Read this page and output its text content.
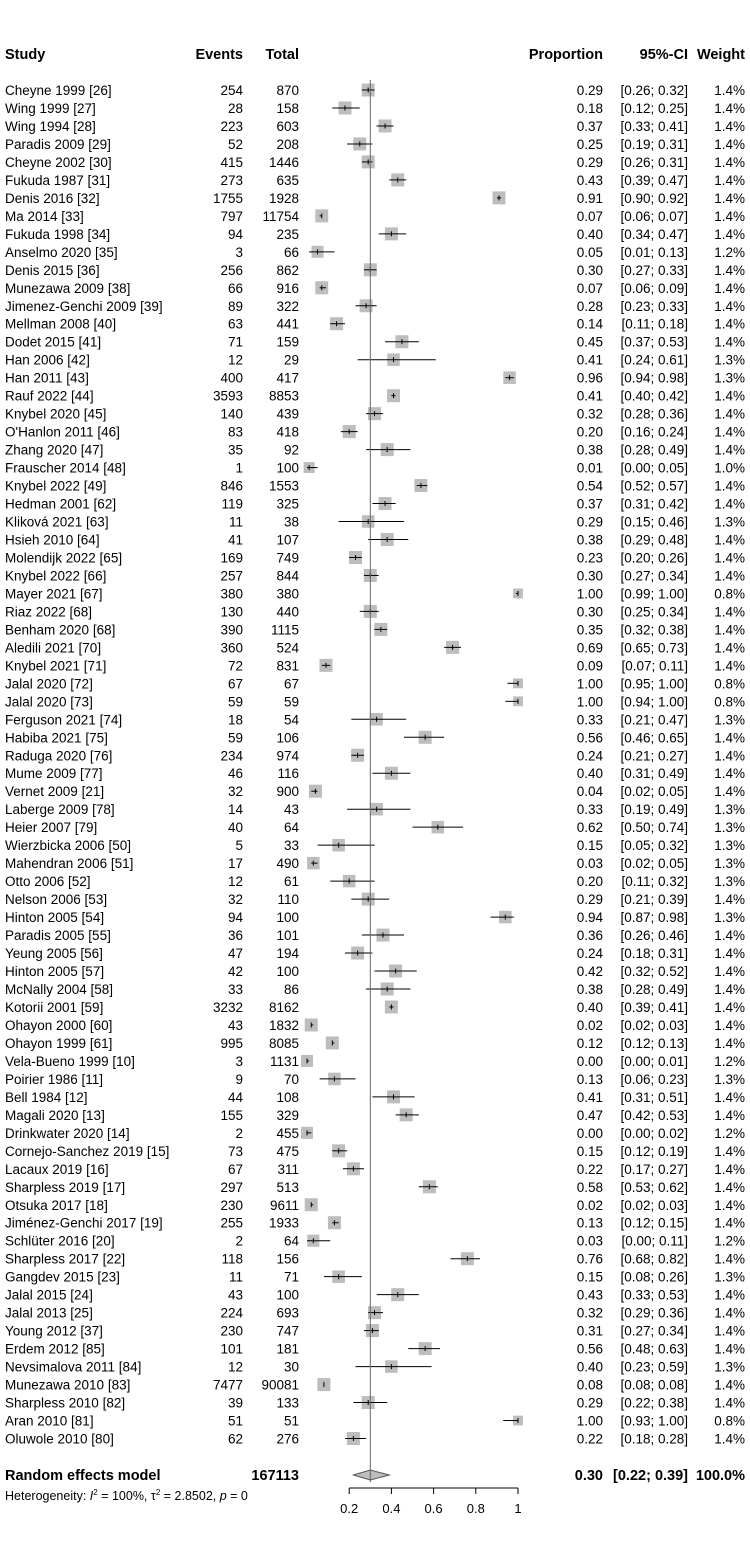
Study	Events Total	Proportion	95%-CI Weight
Cheyne 1999 [26]	254 870	0.29 [0.26; 0.32] 1.4%
Wing 1999 [27]	28 158	0.18 [0.12; 0.25] 1.4%
Wing 1994 [28]	223 603	0.37 [0.33; 0.41] 1.4%
Paradis 2009 [29]	52 208	0.25 [0.19; 0.31] 1.4%
Cheyne 2002 [30]	415 1446	0.29 [0.26; 0.31] 1.4%
Fukuda 1987 [31]	273 635	0.43 [0.39; 0.47] 1.4%
Denis 2016 [32]	1755 1928	0.91 [0.90; 0.92] 1.4%
Ma 2014 [33]	797 11754	0.07 [0.06; 0.07] 1.4%
Fukuda 1998 [34]	94 235	0.40 [0.34; 0.47] 1.4%
Anselmo 2020 [35]	3	66	0.05 [0.01; 0.13] 1.2%
Denis 2015 [36]	256 862	0.30 [0.27; 0.33] 1.4%
Munezawa 2009 [38]	66 916	0.07 [0.06; 0.09] 1.4%
Jimenez-Genchi 2009 [39]	89 322	0.28 [0.23; 0.33] 1.4%
Mellman 2008 [40]	63 441	0.14 [0.11; 0.18] 1.4%
Dodet 2015 [41]	71 159	0.45 [0.37; 0.53] 1.4%
Han 2006 [42]	12	29	0.41 [0.24; 0.61] 1.3%
Han 2011 [43]	400 417	0.96 [0.94; 0.98] 1.3%
Rauf 2022 [44]	3593 8853	0.41 [0.40; 0.42] 1.4%
Knybel 2020 [45]	140 439	0.32 [0.28; 0.36] 1.4%
O'Hanlon 2011 [46]	83 418	0.20 [0.16; 0.24] 1.4%
Zhang 2020 [47]	35	92	0.38 [0.28; 0.49] 1.4%
Frauscher 2014 [48]	1 100	0.01 [0.00; 0.05] 1.0%
Knybel 2022 [49]	846 1553	0.54 [0.52; 0.57] 1.4%
Hedman 2001 [62]	119 325	0.37 [0.31; 0.42] 1.4%
Kliková 2021 [63]	11	38	0.29 [0.15; 0.46] 1.3%
Hsieh 2010 [64]	41 107	0.38 [0.29; 0.48] 1.4%
Molendijk 2022 [65]	169 749	0.23 [0.20; 0.26] 1.4%
Knybel 2022 [66]	257 844	0.30 [0.27; 0.34] 1.4%
Mayer 2021 [67]	380 380	1.00 [0.99; 1.00] 0.8%
Riaz 2022 [68]	130 440	0.30 [0.25; 0.34] 1.4%
Benham 2020 [68]	390 1115	0.35 [0.32; 0.38] 1.4%
Aledili 2021 [70]	360 524	0.69 [0.65; 0.73] 1.4%
Knybel 2021 [71]	72 831	0.09 [0.07; 0.11] 1.4%
Jalal 2020 [72]	67	67	1.00 [0.95; 1.00] 0.8%
Jalal 2020 [73]	59	59	1.00 [0.94; 1.00] 0.8%
Ferguson 2021 [74]	18	54	0.33 [0.21; 0.47] 1.3%
Habiba 2021 [75]	59 106	0.56 [0.46; 0.65] 1.4%
Raduga 2020 [76]	234 974	0.24 [0.21; 0.27] 1.4%
Mume 2009 [77]	46	116	0.40 [0.31; 0.49] 1.4%
Vernet 2009 [21]	32 900	0.04 [0.02; 0.05] 1.4%
Laberge 2009 [78]	14	43	0.33 [0.19; 0.49] 1.3%
Heier 2007 [79]	40	64	0.62 [0.50; 0.74] 1.3%
Wierzbicka 2006 [50]	5	33	0.15 [0.05; 0.32] 1.3%
Mahendran 2006 [51]	17 490	0.03 [0.02; 0.05] 1.3%
Otto 2006 [52]	12	61	0.20 [0.11; 0.32] 1.3%
Nelson 2006 [53]	32	110	0.29 [0.21; 0.39] 1.4%
Hinton 2005 [54]	94 100	0.94 [0.87; 0.98] 1.3%
Paradis 2005 [55]	36 101	0.36 [0.26; 0.46] 1.4%
Yeung 2005 [56]	47 194	0.24 [0.18; 0.31] 1.4%
Hinton 2005 [57]	42 100	0.42 [0.32; 0.52] 1.4%
McNally 2004 [58]	33	86	0.38 [0.28; 0.49] 1.4%
Kotorii 2001 [59]	3232 8162	0.40 [0.39; 0.41] 1.4%
Ohayon 2000 [60]	43 1832	0.02 [0.02; 0.03] 1.4%
Ohayon 1999 [61]	995 8085	0.12 [0.12; 0.13] 1.4%
Vela-Bueno 1999 [10]	3 1131	0.00 [0.00; 0.01] 1.2%
Poirier 1986 [11]	9	70	0.13 [0.06; 0.23] 1.3%
Bell 1984 [12]	44 108	0.41 [0.31; 0.51] 1.4%
Magali 2020 [13]	155 329	0.47 [0.42; 0.53] 1.4%
Drinkwater 2020 [14]	2 455	0.00 [0.00; 0.02] 1.2%
Cornejo-Sanchez 2019 [15]	73 475	0.15 [0.12; 0.19] 1.4%
Lacaux 2019 [16]	67	311	0.22 [0.17; 0.27] 1.4%
Sharpless 2019 [17]	297 513	0.58 [0.53; 0.62] 1.4%
Otsuka 2017 [18]	230 9611	0.02 [0.02; 0.03] 1.4%
Jiménez-Genchi 2017 [19]	255 1933	0.13 [0.12; 0.15] 1.4%
Schlüter 2016 [20]	2	64	0.03 [0.00; 0.11] 1.2%
Sharpless 2017 [22]	118 156	0.76 [0.68; 0.82] 1.4%
Gangdev 2015 [23]	11	71	0.15 [0.08; 0.26] 1.3%
Jalal 2015 [24]	43 100	0.43 [0.33; 0.53] 1.4%
Jalal 2013 [25]	224 693	0.32 [0.29; 0.36] 1.4%
Young 2012 [37]	230 747	0.31 [0.27; 0.34] 1.4%
Erdem 2012 [85]	101 181	0.56 [0.48; 0.63] 1.4%
Nevsimalova 2011 [84]	12	30	0.40 [0.23; 0.59] 1.3%
Munezawa 2010 [83]	7477 90081	0.08 [0.08; 0.08] 1.4%
Sharpless 2010 [82]	39 133	0.29 [0.22; 0.38] 1.4%
Aran 2010 [81]	51	51	1.00 [0.93; 1.00] 0.8%
Oluwole 2010 [80]	62 276	0.22 [0.18; 0.28] 1.4%
Random effects model	167113	0.30 [0.22; 0.39] 100.0%
Heterogeneity: $I^2 = 100\%$, $\tau^2 = 2.8502$, p = 0
0.2 0.4 0.6 0.8 1
